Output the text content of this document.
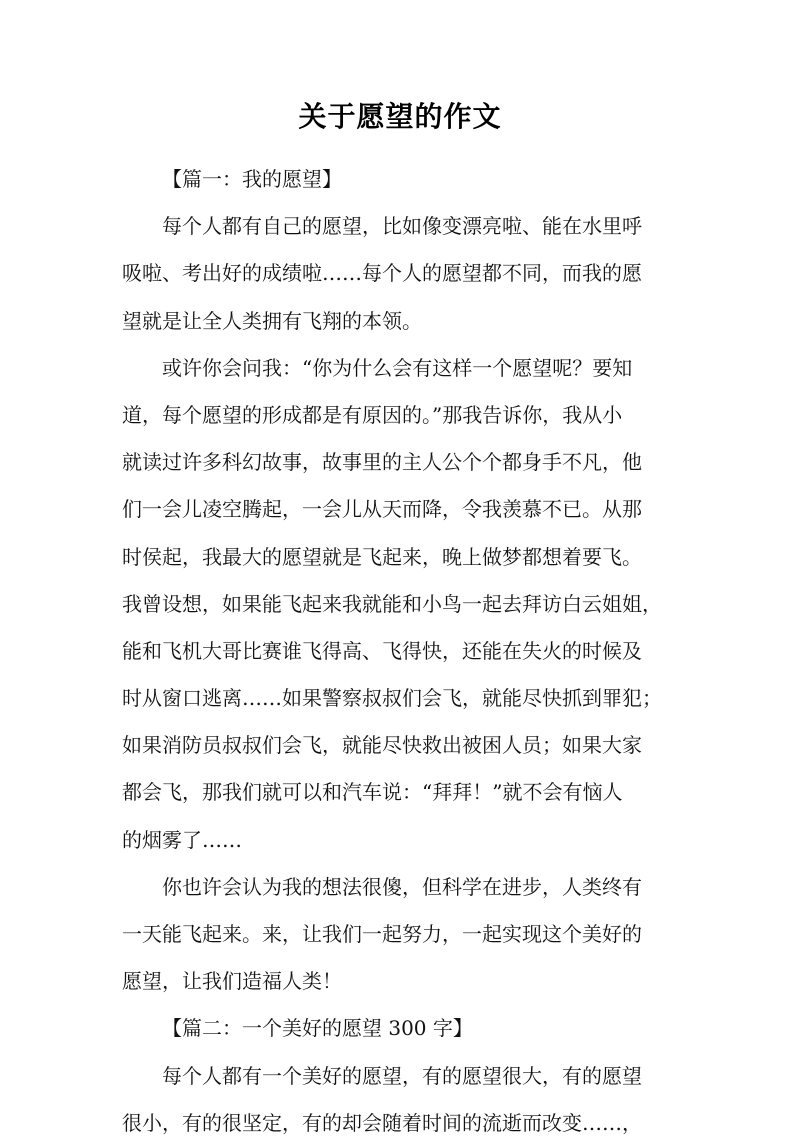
关于愿望的作文
【篇一：我的愿望】
每个人都有自己的愿望，比如像变漂亮啦、能在水里呼
吸啦、考出好的成绩啦……每个人的愿望都不同，而我的愿
望就是让全人类拥有飞翔的本领。
或许你会问我：“你为什么会有这样一个愿望呢？要知
道，每个愿望的形成都是有原因的。”那我告诉你，我从小
就读过许多科幻故事，故事里的主人公个个都身手不凡，他
们一会儿凌空腾起，一会儿从天而降，令我羡慕不已。从那
时侯起，我最大的愿望就是飞起来，晚上做梦都想着要飞。
我曾设想，如果能飞起来我就能和小鸟一起去拜访白云姐姐，
能和飞机大哥比赛谁飞得高、飞得快，还能在失火的时候及
时从窗口逃离……如果警察叔叔们会飞，就能尽快抓到罪犯；
如果消防员叔叔们会飞，就能尽快救出被困人员；如果大家
都会飞，那我们就可以和汽车说：“拜拜！”就不会有恼人
的烟雾了……
你也许会认为我的想法很傻，但科学在进步，人类终有
一天能飞起来。来，让我们一起努力，一起实现这个美好的
愿望，让我们造福人类！
【篇二：一个美好的愿望 300 字】
每个人都有一个美好的愿望，有的愿望很大，有的愿望
很小，有的很坚定，有的却会随着时间的流逝而改变……，
